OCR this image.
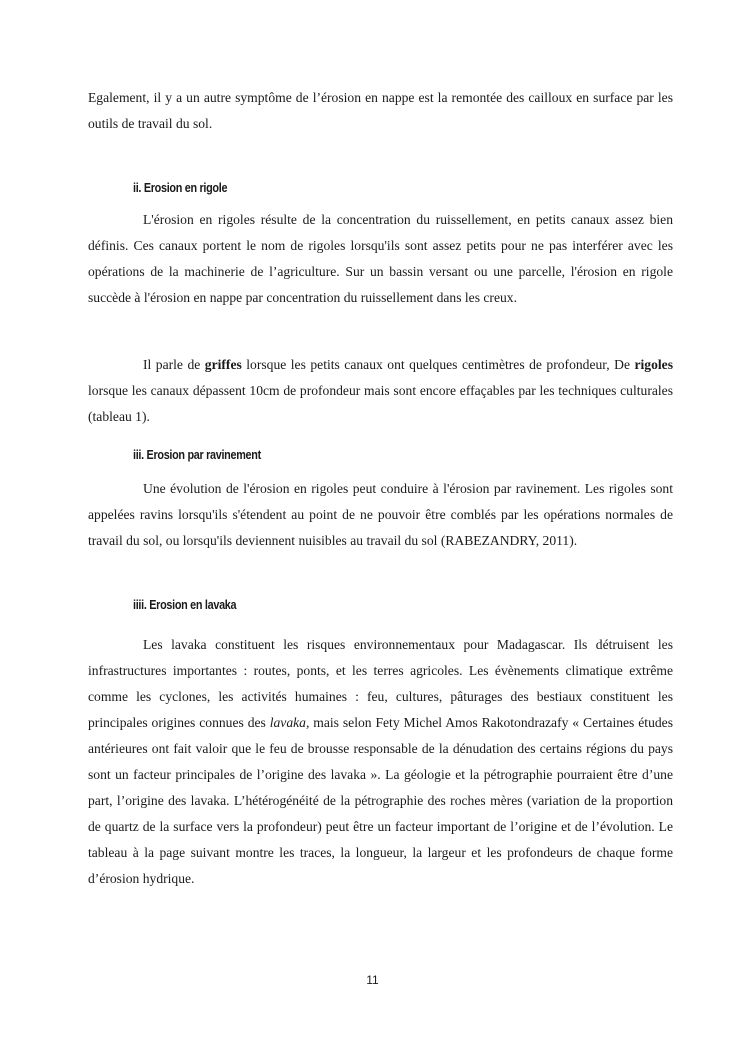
Egalement, il y a un autre symptôme de l’érosion en nappe est la remontée des cailloux en surface par les outils de travail du sol.

ii. Erosion en rigole

L'érosion en rigoles résulte de la concentration du ruissellement, en petits canaux assez bien définis. Ces canaux portent le nom de rigoles lorsqu'ils sont assez petits pour ne pas interférer avec les opérations de la machinerie de l’agriculture. Sur un bassin versant ou une parcelle, l'érosion en rigole succède à l'érosion en nappe par concentration du ruissellement dans les creux.

Il parle de griffes lorsque les petits canaux ont quelques centimètres de profondeur, De rigoles lorsque les canaux dépassent 10cm de profondeur mais sont encore effaçables par les techniques culturales (tableau 1).

iii. Erosion par ravinement

Une évolution de l'érosion en rigoles peut conduire à l'érosion par ravinement. Les rigoles sont appelées ravins lorsqu'ils s'étendent au point de ne pouvoir être comblés par les opérations normales de travail du sol, ou lorsqu'ils deviennent nuisibles au travail du sol (RABEZANDRY, 2011).

iiii. Erosion en lavaka

Les lavaka constituent les risques environnementaux pour Madagascar. Ils détruisent les infrastructures importantes : routes, ponts, et les terres agricoles. Les évènements climatique extrême comme les cyclones, les activités humaines : feu, cultures, pâturages des bestiaux constituent les principales origines connues des lavaka, mais selon Fety Michel Amos Rakotondrazafy « Certaines études antérieures ont fait valoir que le feu de brousse responsable de la dénudation des certains régions du pays sont un facteur principales de l’origine des lavaka ». La géologie et la pétrographie pourraient être d’une part, l’origine des lavaka. L’hétérogénéité de la pétrographie des roches mères (variation de la proportion de quartz de la surface vers la profondeur) peut être un facteur important de l’origine et de l’évolution. Le tableau à la page suivant montre les traces, la longueur, la largeur et les profondeurs de chaque forme d’érosion hydrique.

11
